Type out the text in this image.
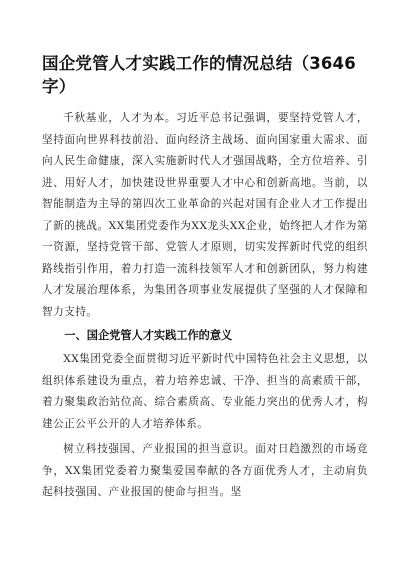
国企党管人才实践工作的情况总结（3646字）

千秋基业，人才为本。习近平总书记强调，要坚持党管人才，坚持面向世界科技前沿、面向经济主战场、面向国家重大需求、面向人民生命健康，深入实施新时代人才强国战略，全方位培养、引进、用好人才，加快建设世界重要人才中心和创新高地。当前，以智能制造为主导的第四次工业革命的兴起对国有企业人才工作提出了新的挑战。XX集团党委作为XX龙头XX企业，始终把人才作为第一资源，坚持党管干部、党管人才原则，切实发挥新时代党的组织路线指引作用，着力打造一流科技领军人才和创新团队，努力构建人才发展治理体系，为集团各项事业发展提供了坚强的人才保障和智力支持。

一、国企党管人才实践工作的意义

XX集团党委全面贯彻习近平新时代中国特色社会主义思想，以组织体系建设为重点，着力培养忠诚、干净、担当的高素质干部，着力聚集政治站位高、综合素质高、专业能力突出的优秀人才，构建公正公平公开的人才培养体系。

树立科技强国、产业报国的担当意识。面对日趋激烈的市场竞争，XX集团党委着力聚集爱国奉献的各方面优秀人才，主动肩负起科技强国、产业报国的使命与担当。坚
